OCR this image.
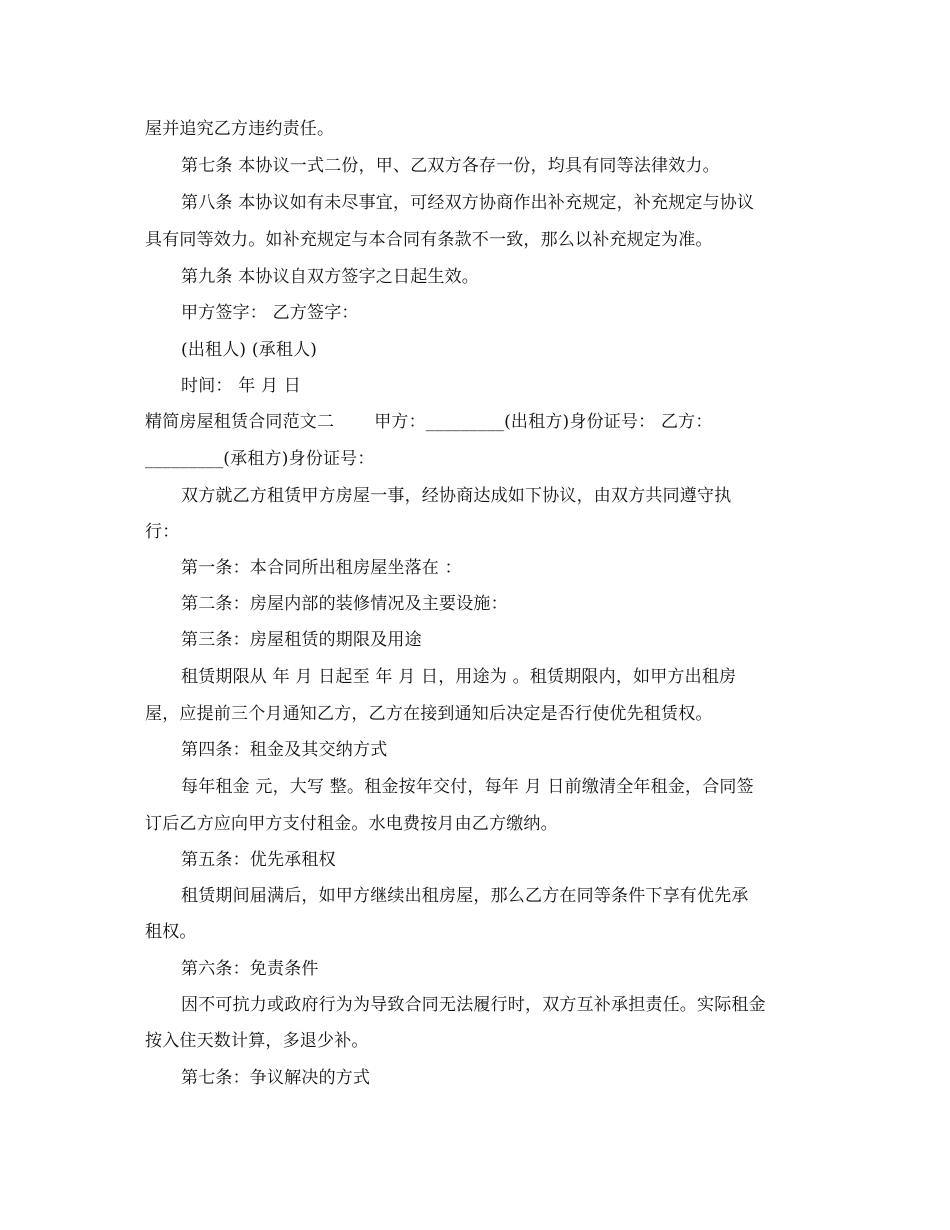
屋并追究乙方违约责任。
第七条 本协议一式二份，甲、乙双方各存一份，均具有同等法律效力。
第八条 本协议如有未尽事宜，可经双方协商作出补充规定，补充规定与协议
具有同等效力。如补充规定与本合同有条款不一致，那么以补充规定为准。
第九条 本协议自双方签字之日起生效。
甲方签字： 乙方签字：
(出租人) (承租人)
时间： 年 月 日
精简房屋租赁合同范文二 甲方：_________(出租方)身份证号： 乙方：
_________(承租方)身份证号：
双方就乙方租赁甲方房屋一事，经协商达成如下协议，由双方共同遵守执
行：
第一条：本合同所出租房屋坐落在 ：
第二条：房屋内部的装修情况及主要设施：
第三条：房屋租赁的期限及用途
租赁期限从 年 月 日起至 年 月 日，用途为 。租赁期限内，如甲方出租房
屋，应提前三个月通知乙方，乙方在接到通知后决定是否行使优先租赁权。
第四条：租金及其交纳方式
每年租金 元，大写 整。租金按年交付，每年 月 日前缴清全年租金，合同签
订后乙方应向甲方支付租金。水电费按月由乙方缴纳。
第五条：优先承租权
租赁期间届满后，如甲方继续出租房屋，那么乙方在同等条件下享有优先承
租权。
第六条：免责条件
因不可抗力或政府行为为导致合同无法履行时，双方互补承担责任。实际租金
按入住天数计算，多退少补。
第七条：争议解决的方式
